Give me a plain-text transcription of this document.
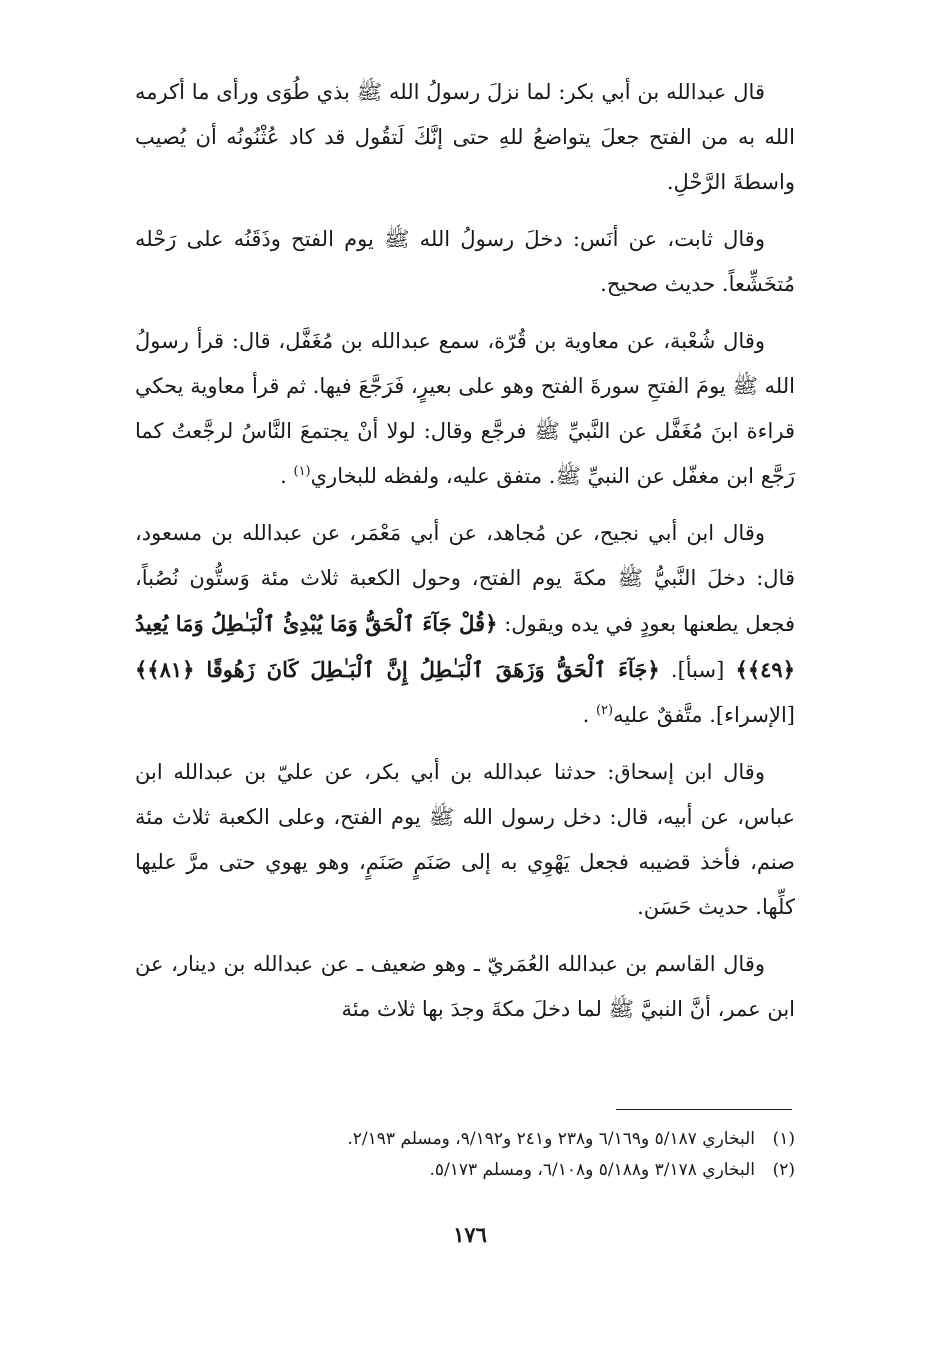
قال عبدالله بن أبي بكر: لما نزلَ رسولُ الله ﷺ بذي طُوَى ورأى ما أكرمه الله به من الفتح جعلَ يتواضعُ للهِ حتى إنَّكَ لَتقُول قد كاد عُثْنُونُه أن يُصيب واسطةَ الرَّحْلِ.

وقال ثابت، عن أنَس: دخلَ رسولُ الله ﷺ يوم الفتح وذَقَنُه على رَحْله مُتخَشِّعاً. حديث صحيح.

وقال شُعْبة، عن معاوية بن قُرّة، سمع عبدالله بن مُغَفَّل، قال: قرأ رسولُ الله ﷺ يومَ الفتحِ سورةَ الفتح وهو على بعيرٍ، فَرَجَّعَ فيها. ثم قرأ معاوية يحكي قراءة ابنَ مُغَفَّل عن النَّبيِّ ﷺ فرجَّع وقال: لولا أنْ يجتمعَ النَّاسُ لرجَّعتُ كما رَجَّع ابن مغفّل عن النبيِّ ﷺ. متفق عليه، ولفظه للبخاري$^{(١)}$ .

وقال ابن أبي نجيح، عن مُجاهد، عن أبي مَعْمَر، عن عبدالله بن مسعود، قال: دخلَ النَّبيُّ ﷺ مكةَ يوم الفتح، وحول الكعبة ثلاث مئة وَستُّون نُصُباً، فجعل يطعنها بعودٍ في يده ويقول: ﴿قُلْ جَآءَ ٱلْحَقُّ وَمَا يُبْدِئُ ٱلْبَـٰطِلُ وَمَا يُعِيدُ ﴿٤٩﴾﴾ [سبأ]. ﴿جَآءَ ٱلْحَقُّ وَزَهَقَ ٱلْبَـٰطِلُ إِنَّ ٱلْبَـٰطِلَ كَانَ زَهُوقًا ﴿٨١﴾﴾ [الإسراء]. متَّفقٌ عليه$^{(٢)}$ .

وقال ابن إسحاق: حدثنا عبدالله بن أبي بكر، عن عليّ بن عبدالله ابن عباس، عن أبيه، قال: دخل رسول الله ﷺ يوم الفتح، وعلى الكعبة ثلاث مئة صنم، فأخذ قضيبه فجعل يَهْوِي به إلى صَنَمٍ صَنَمٍ، وهو يهوي حتى مرَّ عليها كلِّها. حديث حَسَن.

وقال القاسم بن عبدالله العُمَريّ ـ وهو ضعيف ـ عن عبدالله بن دينار، عن ابن عمر، أنَّ النبيَّ ﷺ لما دخلَ مكةَ وجدَ بها ثلاث مئة

(١)
البخاري ٥/١٨٧ و٦/١٦٩ و٢٣٨ و٢٤١ و٩/١٩٢، ومسلم ٢/١٩٣.
(٢)
البخاري ٣/١٧٨ و٥/١٨٨ و٦/١٠٨، ومسلم ٥/١٧٣.
١٧٦
